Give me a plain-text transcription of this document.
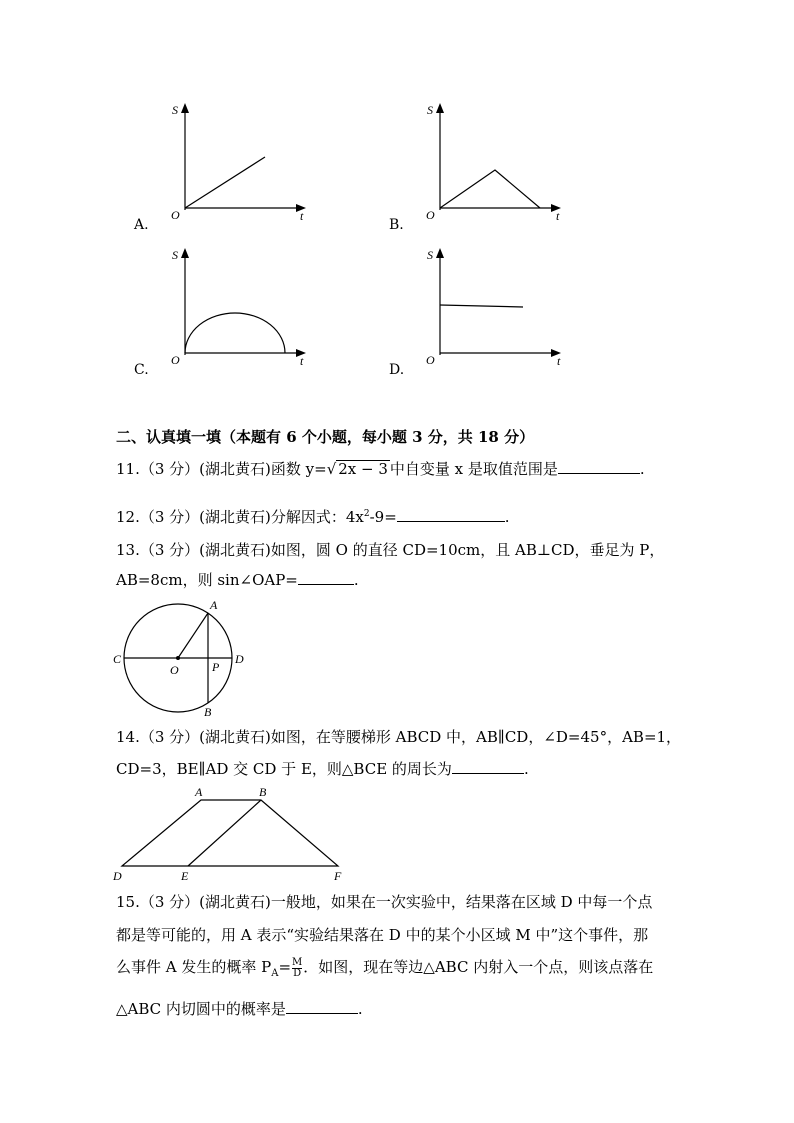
S
t
O
A.
S
t
O
B.
S
t
O
C.
S
t
O
D.
二、认真填一填（本题有 6 个小题，每小题 3 分，共 18 分）
11.（3 分）(湖北黄石)函数 y=√ 2x − 3 中自变量 x 是取值范围是	.
12.（3 分）(湖北黄石)分解因式：$4x^2-9=$	.
13.（3 分）(湖北黄石)如图，圆 O 的直径 CD=10cm，且 AB⊥CD，垂足为 P，
AB=8cm，则 sin∠OAP=	.
A
B
C	D
O	P
14.（3 分）(湖北黄石)如图，在等腰梯形 ABCD 中，AB∥CD，∠D=45°，AB=1，
CD=3，BE∥AD 交 CD 于 E，则△BCE 的周长为	.
A	B
D	E	F
15.（3 分）(湖北黄石)一般地，如果在一次实验中，结果落在区域 D 中每一个点
都是等可能的，用 A 表示“实验结果落在 D 中的某个小区域 M 中”这个事件，那
么事件 A 发生的概率 $P_A= \frac{M}{D}$ ．如图，现在等边△ABC 内射入一个点，则该点落在
△ABC 内切圆中的概率是	.
